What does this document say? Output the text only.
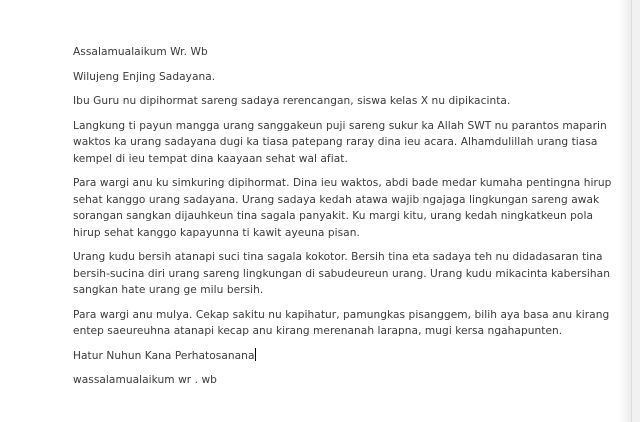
Assalamualaikum Wr. Wb

Wilujeng Enjing Sadayana.

Ibu Guru nu dipihormat sareng sadaya rerencangan, siswa kelas X nu dipikacinta.

Langkung ti payun mangga urang sanggakeun puji sareng sukur ka Allah SWT nu parantos maparin
waktos ka urang sadayana dugi ka tiasa patepang raray dina ieu acara. Alhamdulillah urang tiasa
kempel di ieu tempat dina kaayaan sehat wal afiat.

Para wargi anu ku simkuring dipihormat. Dina ieu waktos, abdi bade medar kumaha pentingna hirup
sehat kanggo urang sadayana. Urang sadaya kedah atawa wajib ngajaga lingkungan sareng awak
sorangan sangkan dijauhkeun tina sagala panyakit. Ku margi kitu, urang kedah ningkatkeun pola
hirup sehat kanggo kapayunna ti kawit ayeuna pisan.

Urang kudu bersih atanapi suci tina sagala kokotor. Bersih tina eta sadaya teh nu didadasaran tina
bersih-sucina diri urang sareng lingkungan di sabudeureun urang. Urang kudu mikacinta kabersihan
sangkan hate urang ge milu bersih.

Para wargi anu mulya. Cekap sakitu nu kapihatur, pamungkas pisanggem, bilih aya basa anu kirang
entep saeureuhna atanapi kecap anu kirang merenanah larapna, mugi kersa ngahapunten.

Hatur Nuhun Kana Perhatosanana

wassalamualaikum wr . wb
